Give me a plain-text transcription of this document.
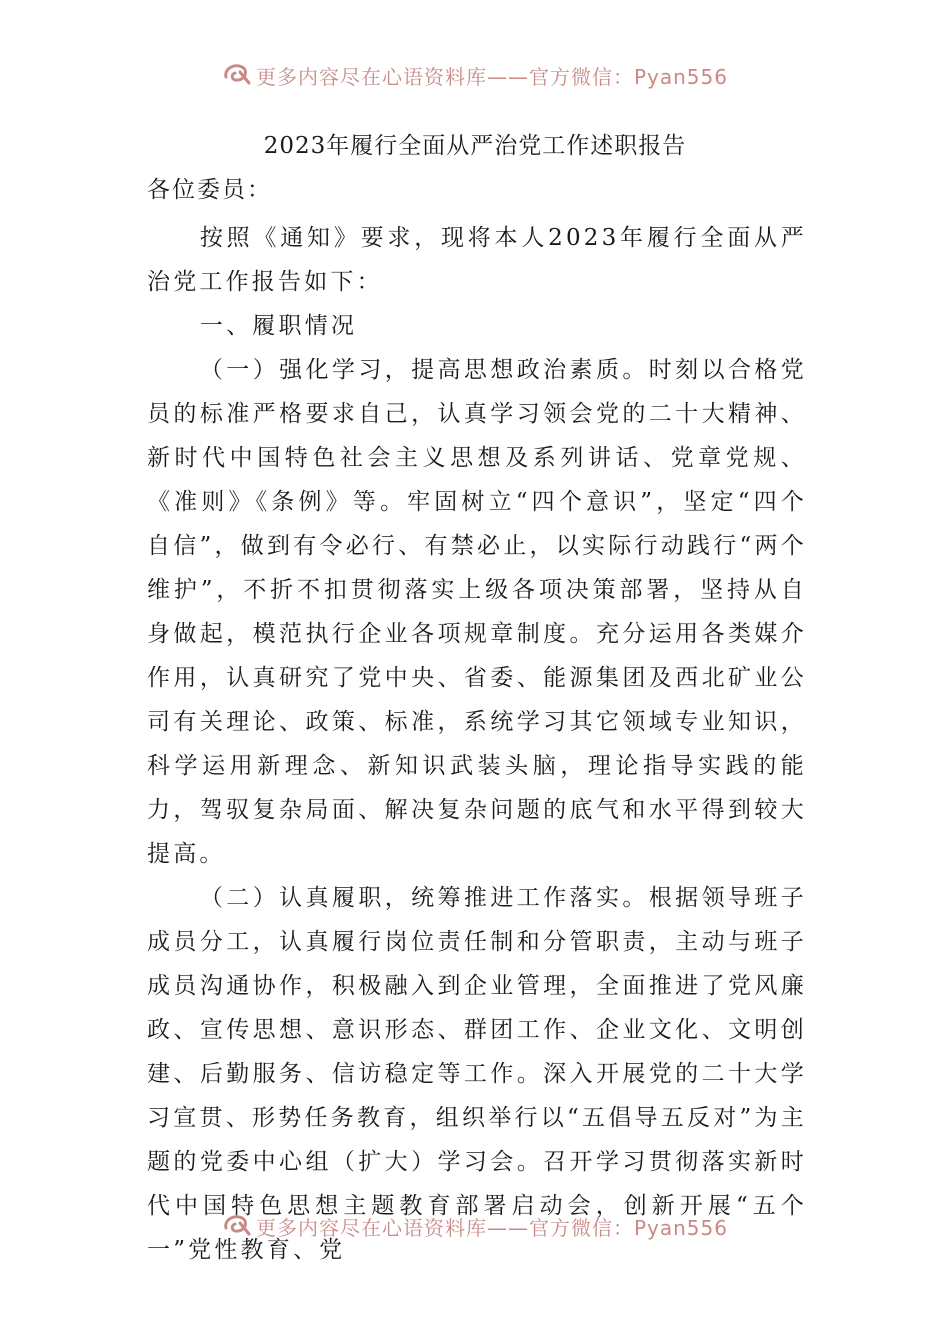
更多内容尽在心语资料库——官方微信：Pyan556
2023年履行全面从严治党工作述职报告
各位委员：

按照《通知》要求，现将本人2023年履行全面从严治党工作报告如下：

一、履职情况

（一）强化学习，提高思想政治素质。时刻以合格党员的标准严格要求自己，认真学习领会党的二十大精神、新时代中国特色社会主义思想及系列讲话、党章党规、《准则》《条例》等。牢固树立“四个意识”，坚定“四个自信”，做到有令必行、有禁必止，以实际行动践行“两个维护”，不折不扣贯彻落实上级各项决策部署，坚持从自身做起，模范执行企业各项规章制度。充分运用各类媒介作用，认真研究了党中央、省委、能源集团及西北矿业公司有关理论、政策、标准，系统学习其它领域专业知识，科学运用新理念、新知识武装头脑，理论指导实践的能力，驾驭复杂局面、解决复杂问题的底气和水平得到较大提高。

（二）认真履职，统筹推进工作落实。根据领导班子成员分工，认真履行岗位责任制和分管职责，主动与班子成员沟通协作，积极融入到企业管理，全面推进了党风廉政、宣传思想、意识形态、群团工作、企业文化、文明创建、后勤服务、信访稳定等工作。深入开展党的二十大学习宣贯、形势任务教育，组织举行以“五倡导五反对”为主题的党委中心组（扩大）学习会。召开学习贯彻落实新时代中国特色思想主题教育部署启动会，创新开展“五个一”党性教育、党

更多内容尽在心语资料库——官方微信：Pyan556
